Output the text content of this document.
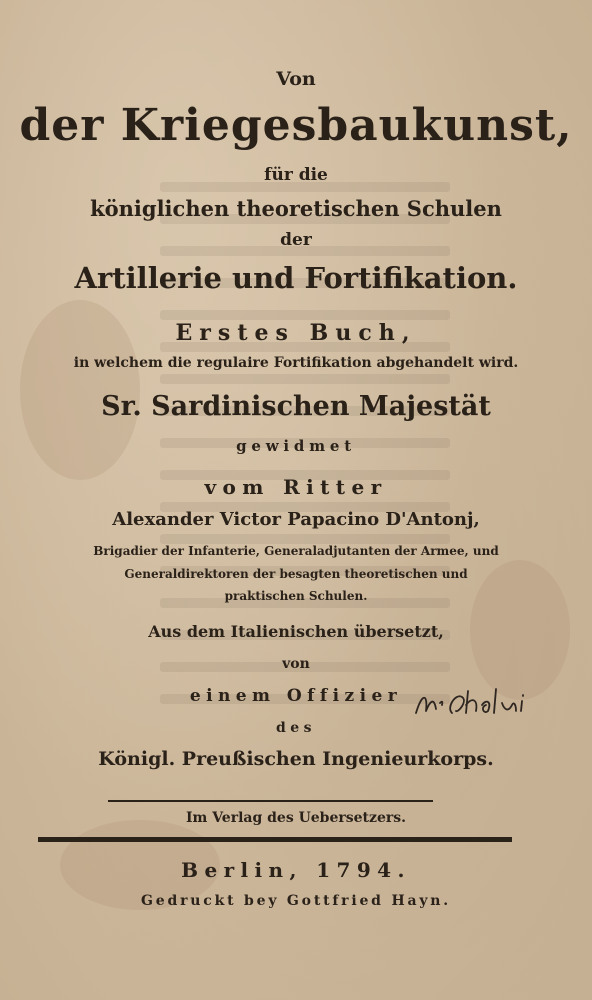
Von
der Kriegesbaukunst,
für die
königlichen theoretischen Schulen
der
Artillerie und Fortifikation.
Erstes Buch,
in welchem die regulaire Fortifikation abgehandelt wird.
Sr. Sardinischen Majestät
gewidmet
vom Ritter
Alexander Victor Papacino D'Antonj,
Brigadier der Infanterie, Generaladjutanten der Armee, und
Generaldirektoren der besagten theoretischen und
praktischen Schulen.
Aus dem Italienischen übersetzt,
von
einem Offizier
des
Königl. Preußischen Ingenieurkorps.
Im Verlag des Uebersetzers.
Berlin, 1794.
Gedruckt bey Gottfried Hayn.
